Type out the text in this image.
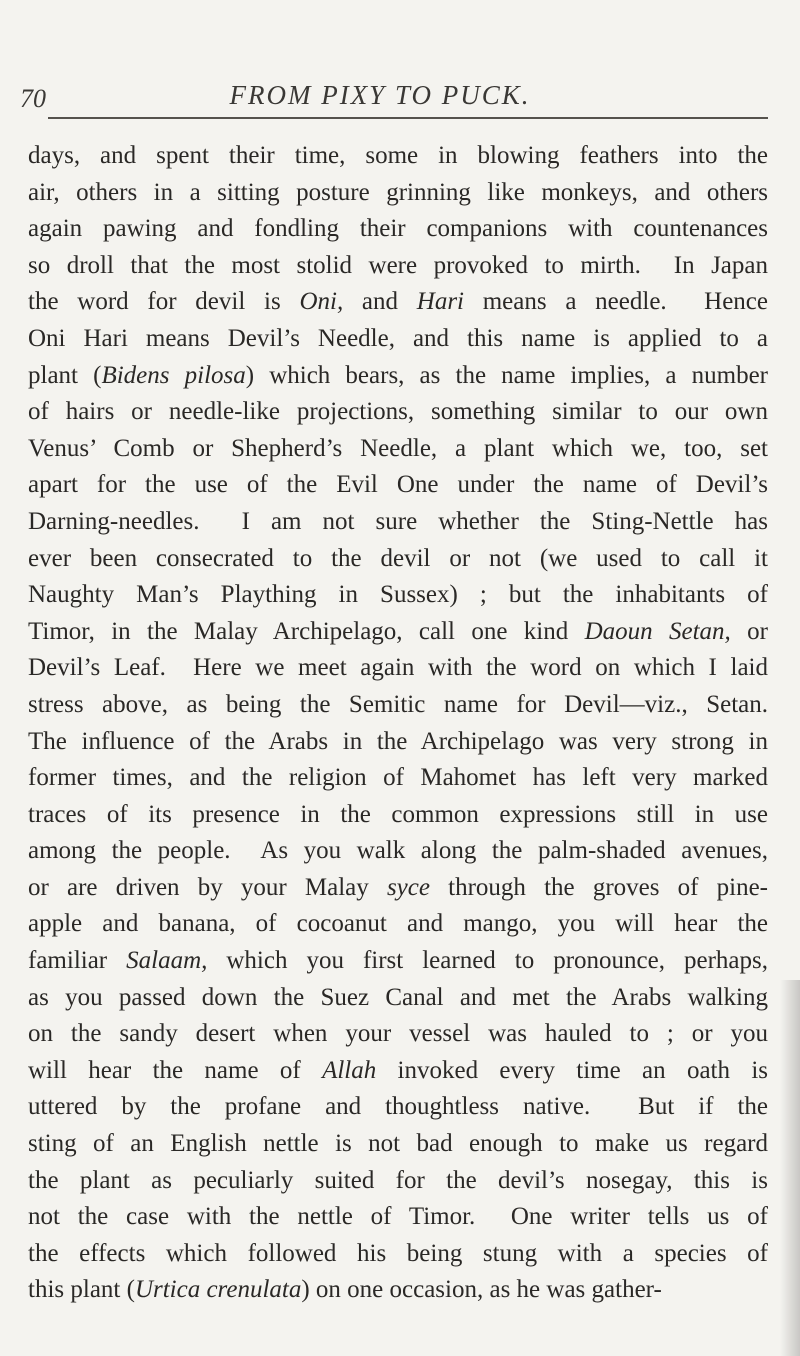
70	FROM PIXY TO PUCK.
days, and spent their time, some in blowing feathers into the
air, others in a sitting posture grinning like monkeys, and others
again pawing and fondling their companions with countenances
so droll that the most stolid were provoked to mirth.  In Japan
the word for devil is Oni, and Hari means a needle.  Hence
Oni Hari means Devil’s Needle, and this name is applied to a
plant (Bidens pilosa) which bears, as the name implies, a number
of hairs or needle-like projections, something similar to our own
Venus’ Comb or Shepherd’s Needle, a plant which we, too, set
apart for the use of the Evil One under the name of Devil’s
Darning-needles.  I am not sure whether the Sting-Nettle has
ever been consecrated to the devil or not (we used to call it
Naughty Man’s Plaything in Sussex) ; but the inhabitants of
Timor, in the Malay Archipelago, call one kind Daoun Setan, or
Devil’s Leaf.  Here we meet again with the word on which I laid
stress above, as being the Semitic name for Devil—viz., Setan.
The influence of the Arabs in the Archipelago was very strong in
former times, and the religion of Mahomet has left very marked
traces of its presence in the common expressions still in use
among the people.  As you walk along the palm-shaded avenues,
or are driven by your Malay syce through the groves of pine-
apple and banana, of cocoanut and mango, you will hear the
familiar Salaam, which you first learned to pronounce, perhaps,
as you passed down the Suez Canal and met the Arabs walking
on the sandy desert when your vessel was hauled to ; or you
will hear the name of Allah invoked every time an oath is
uttered by the profane and thoughtless native.  But if the
sting of an English nettle is not bad enough to make us regard
the plant as peculiarly suited for the devil’s nosegay, this is
not the case with the nettle of Timor.  One writer tells us of
the effects which followed his being stung with a species of
this plant (Urtica crenulata) on one occasion, as he was gather-
